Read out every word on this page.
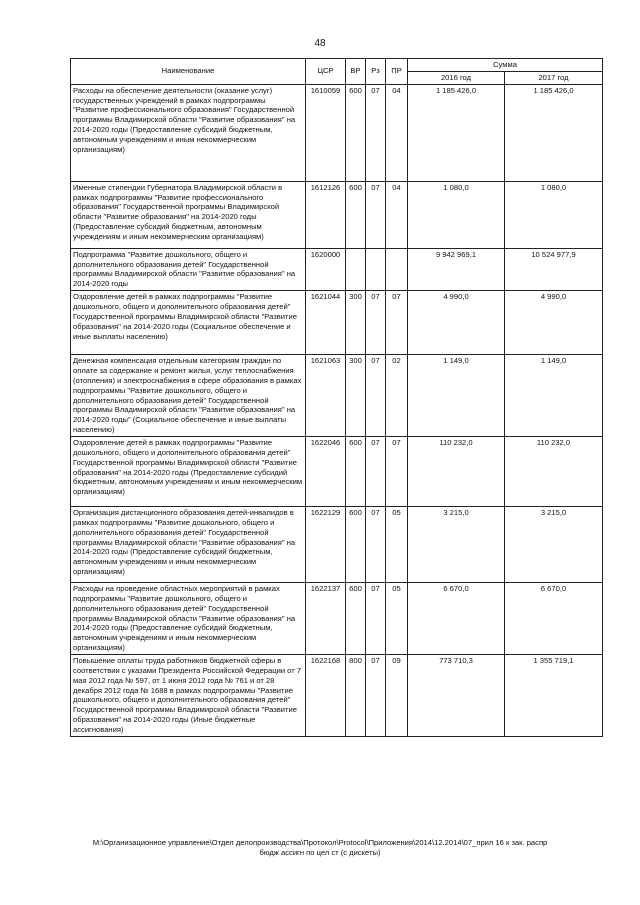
48
Наименование	ЦСР	ВР	Рз	ПР	Сумма	
					2016 год	2017 год
Расходы на обеспечение деятельности (оказание услуг) государственных учреждений в рамках подпрограммы "Развитие профессионального образования" Государственной программы Владимирской области "Развитие образования" на 2014-2020 годы (Предоставление субсидий бюджетным, автономным учреждениям и иным некоммерческим организациям)	1610059	600	07	04	1 185 426,0	1 185 426,0
Именные стипендии Губернатора Владимирской области в рамках подпрограммы "Развитие профессионального образования" Государственной программы Владимирской области "Развитие образования" на 2014-2020 годы (Предоставление субсидий бюджетным, автономным учреждениям и иным некоммерческим организациям)	1612126	600	07	04	1 080,0	1 080,0
Подпрограмма "Развитие дошкольного, общего и дополнительного образования детей" Государственной программы Владимирской области "Развитие образования" на 2014-2020 годы	1620000				9 942 969,1	10 524 977,9
Оздоровление детей в рамках подпрограммы "Развитие дошкольного, общего и дополнительного образования детей" Государственной программы Владимирской области "Развитие образования" на 2014-2020 годы (Социальное обеспечение и иные выплаты населению)	1621044	300	07	07	4 990,0	4 990,0
Денежная компенсация отдельным категориям граждан по оплате за содержание и ремонт жилья, услуг теплоснабжения (отопления) и электроснабжения в сфере образования в рамках подпрограммы "Развитие дошкольного, общего и дополнительного образования детей" Государственной программы Владимирской области "Развитие образования" на 2014-2020 годы" (Социальное обеспечение и иные выплаты населению)	1621063	300	07	02	1 149,0	1 149,0
Оздоровление детей в рамках подпрограммы "Развитие дошкольного, общего и дополнительного образования детей" Государственной программы Владимирской области "Развитие образования" на 2014-2020 годы (Предоставление субсидий бюджетным, автономным учреждениям и иным некоммерческим организациям)	1622046	600	07	07	110 232,0	110 232,0
Организация дистанционного образования детей-инвалидов в рамках подпрограммы "Развитие дошкольного, общего и дополнительного образования детей" Государственной программы Владимирской области "Развитие образования" на 2014-2020 годы (Предоставление субсидий бюджетным, автономным учреждениям и иным некоммерческим организациям)	1622129	600	07	05	3 215,0	3 215,0
Расходы на проведение областных мероприятий в рамках подпрограммы "Развитие дошкольного, общего и дополнительного образования детей" Государственной программы Владимирской области "Развитие образования" на 2014-2020 годы (Предоставление субсидий бюджетным, автономным учреждениям и иным некоммерческим организациям)	1622137	600	07	05	6 670,0	6 670,0
Повышение оплаты труда работников бюджетной сферы в соответствии с указами Президента Российской Федерации от 7 мая 2012 года № 597, от 1 июня 2012 года № 761 и от 28 декабря 2012 года № 1688 в рамках подпрограммы "Развитие дошкольного, общего и дополнительного образования детей" Государственной программы Владимирской области "Развитие образования" на 2014-2020 годы (Иные бюджетные ассигнования)	1622168	800	07	09	773 710,3	1 355 719,1
М:\Организационное управление\Отдел делопроизводства\Протокол\Protocol\Приложения\2014\12.2014\07_прил 16 к зак. распр
бюдж ассигн по цел ст (с дискеты)
